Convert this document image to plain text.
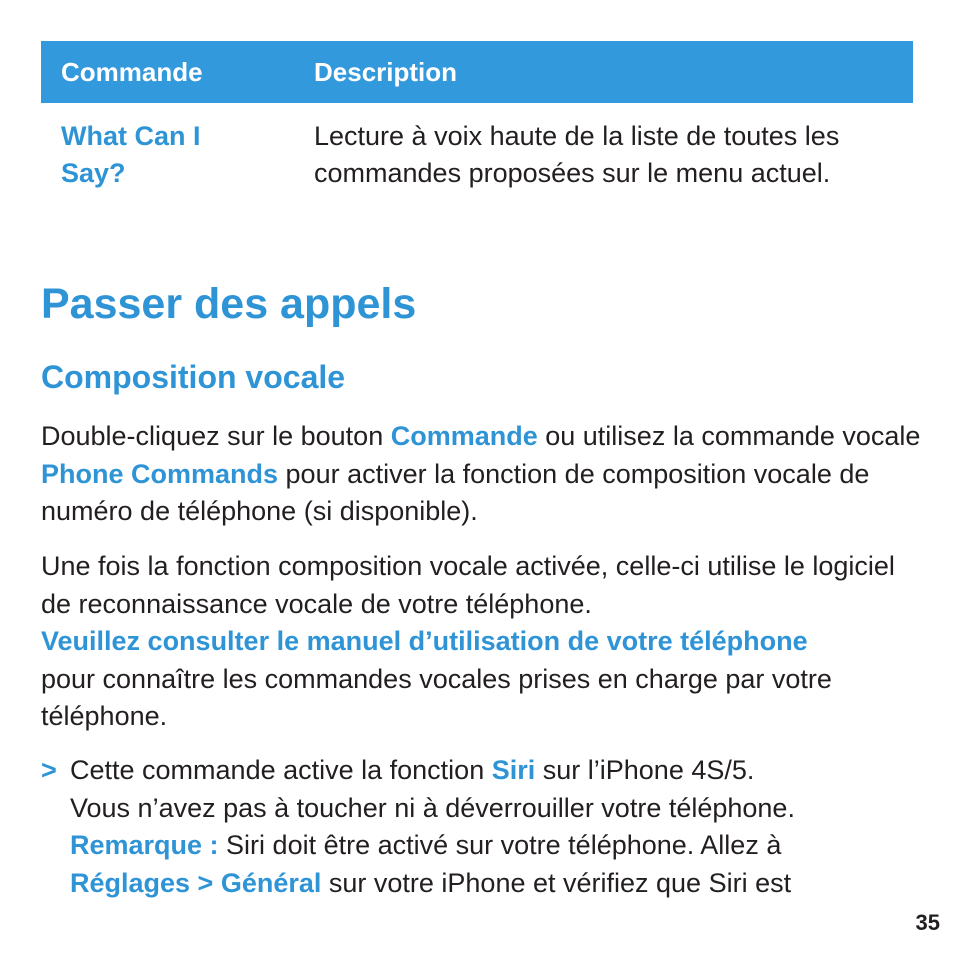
Commande	Description
What Can I
Say?
Lecture à voix haute de la liste de toutes les commandes proposées sur le menu actuel.
Passer des appels
Composition vocale

Double-cliquez sur le bouton Commande ou utilisez la commande vocale Phone Commands pour activer la fonction de composition vocale de numéro de téléphone (si disponible).

Une fois la fonction composition vocale activée, celle-ci utilise le logiciel de reconnaissance vocale de votre téléphone.
Veuillez consulter le manuel d’utilisation de votre téléphone
pour connaître les commandes vocales prises en charge par votre téléphone.

> Cette commande active la fonction Siri sur l’iPhone 4S/5.
Vous n’avez pas à toucher ni à déverrouiller votre téléphone.
Remarque : Siri doit être activé sur votre téléphone. Allez à
Réglages > Général sur votre iPhone et vérifiez que Siri est
35
